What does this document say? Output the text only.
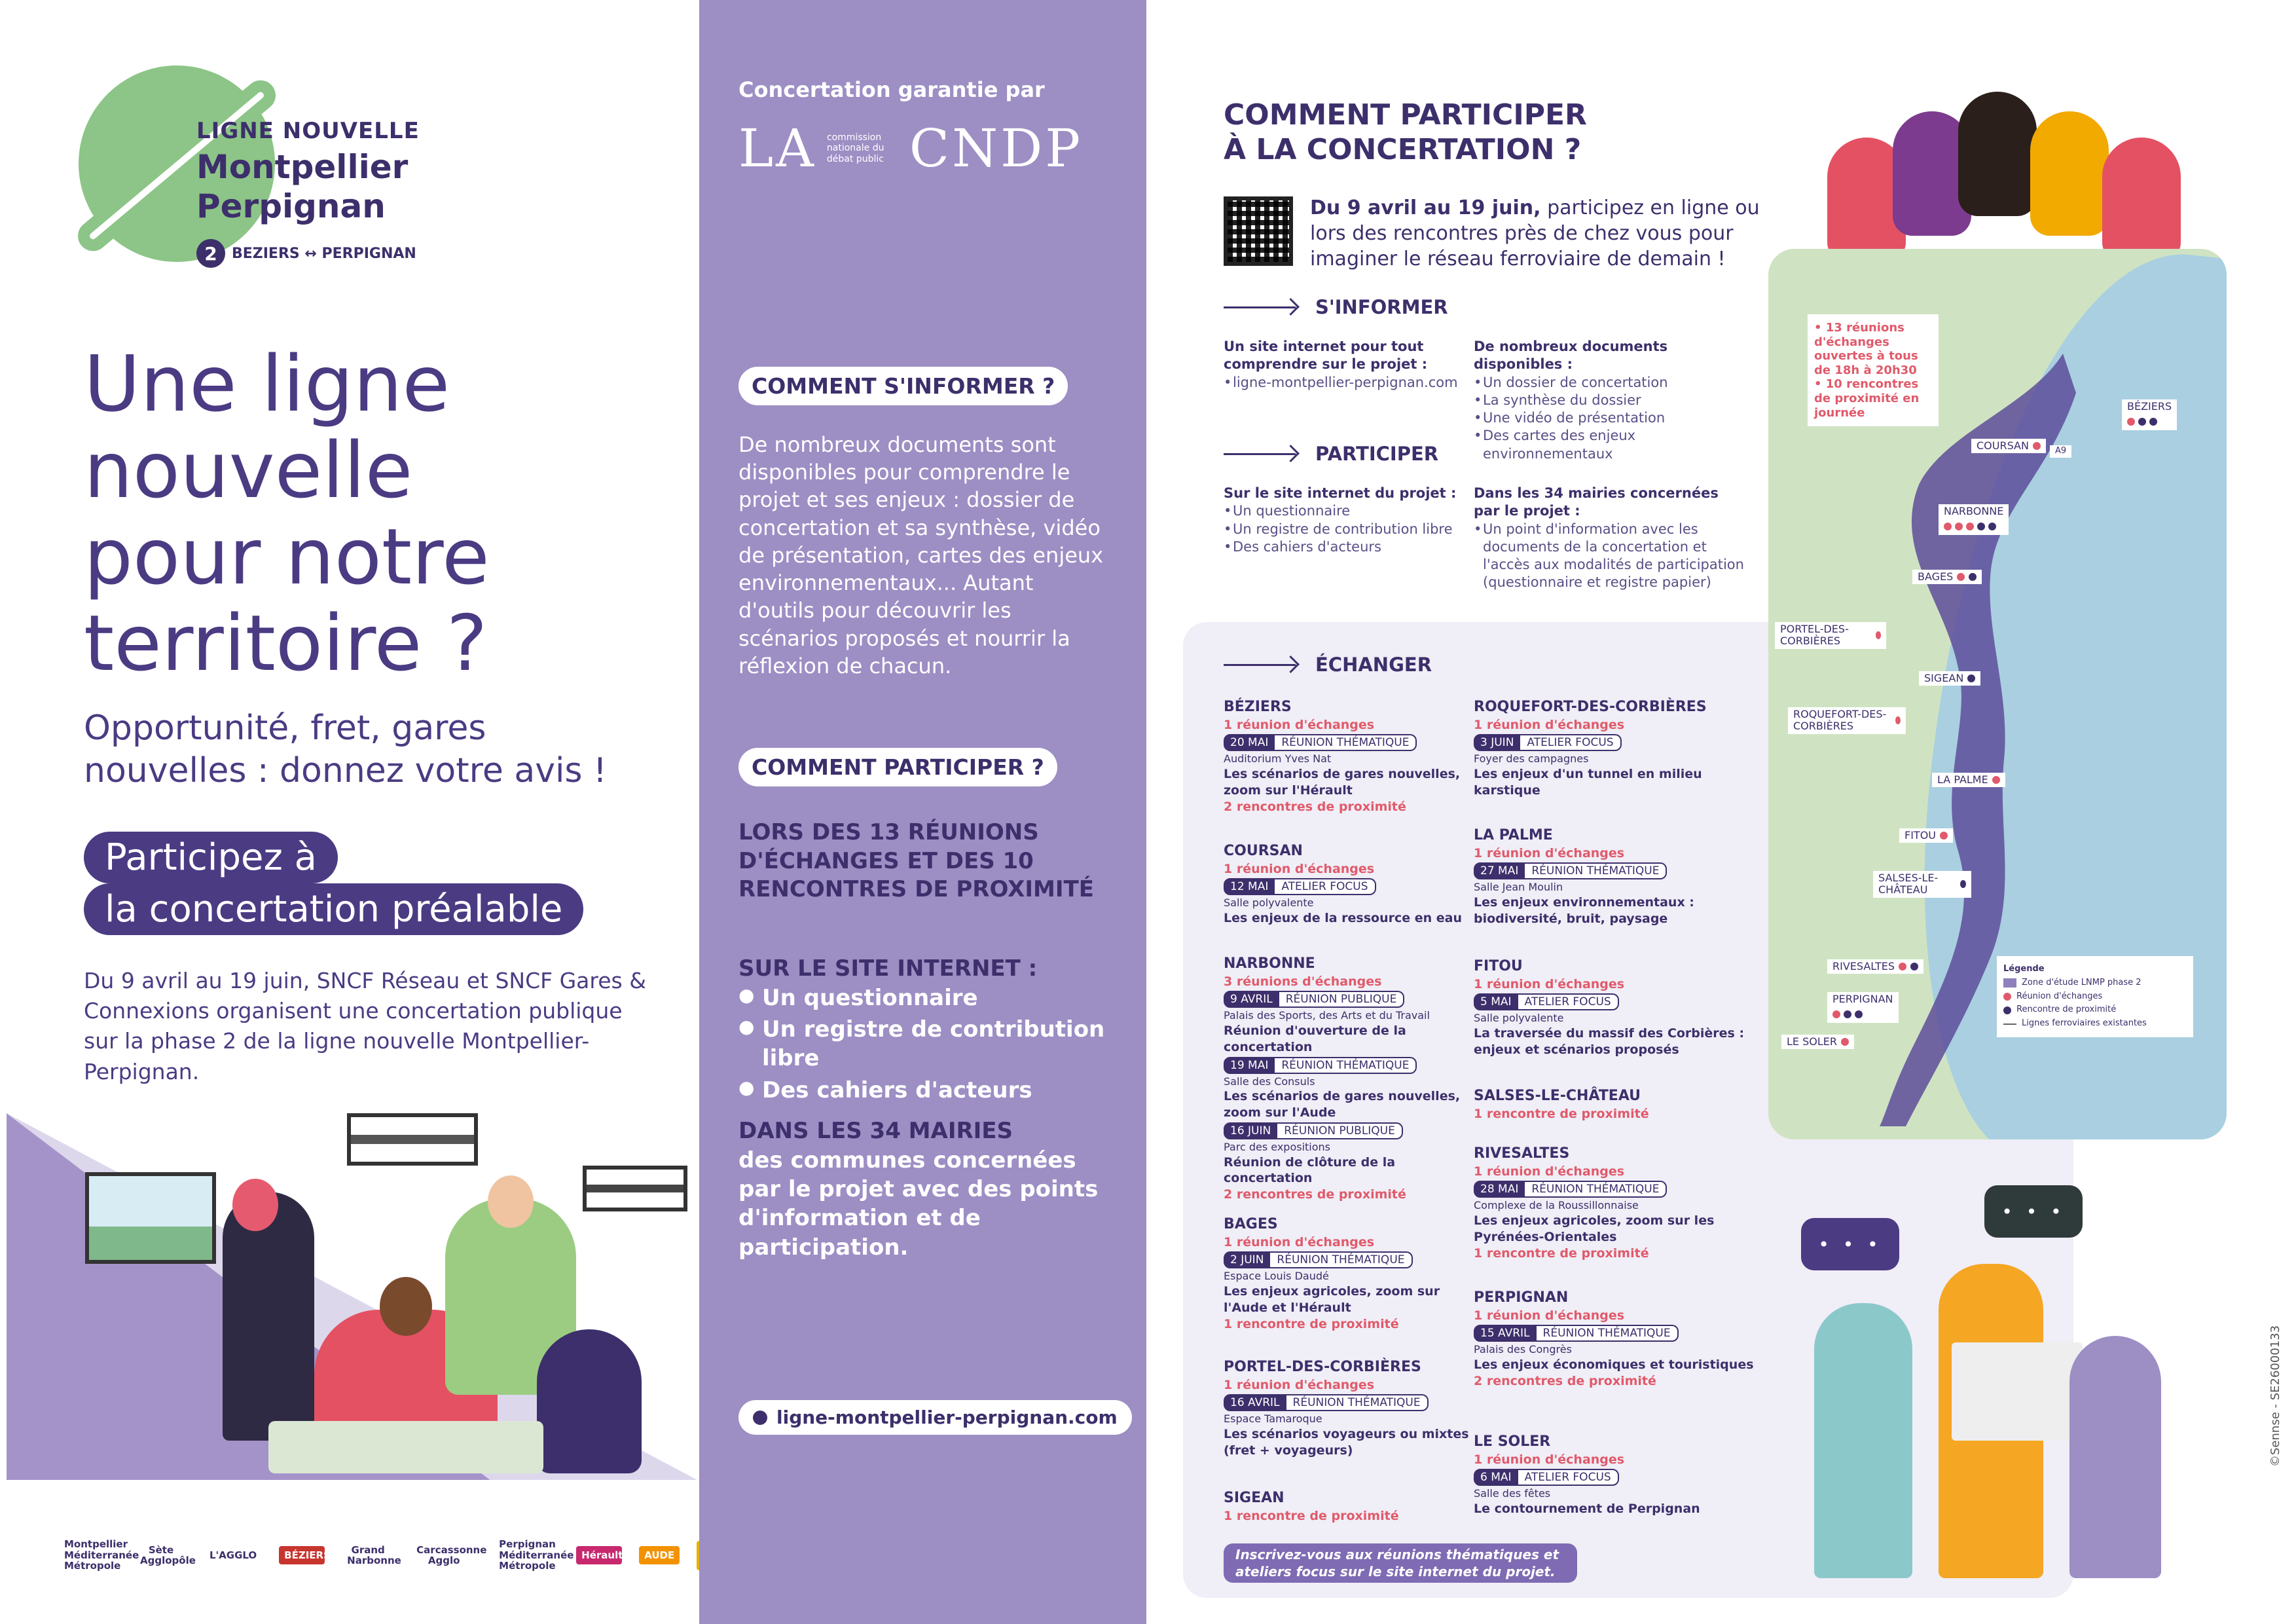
LIGNE NOUVELLE
Montpellier
Perpignan
2	BEZIERS ↔ PERPIGNAN
Une ligne nouvelle pour notre territoire ?

Opportunité, fret, gares nouvelles : donnez votre avis !

Participez à
la concertation préalable

Du 9 avril au 19 juin, SNCF Réseau et SNCF Gares & Connexions organisent une concertation publique sur la phase 2 de la ligne nouvelle Montpellier-Perpignan.

Montpellier Méditerranée Métropole
Sète Agglopôle	L'AGGLO	BÉZIERS	Grand Narbonne
Carcassonne Agglo
Perpignan Méditerranée Métropole
Hérault	AUDE
Concertation garantie par
LA commission nationale du débat public CNDP
COMMENT S'INFORMER ?

De nombreux documents sont disponibles pour comprendre le projet et ses enjeux : dossier de concertation et sa synthèse, vidéo de présentation, cartes des enjeux environnementaux... Autant d'outils pour découvrir les scénarios proposés et nourrir la réflexion de chacun.

COMMENT PARTICIPER ?
LORS DES 13 RÉUNIONS D'ÉCHANGES ET DES 10 RENCONTRES DE PROXIMITÉ
SUR LE SITE INTERNET :
● Un questionnaire
● Un registre de contribution libre
● Des cahiers d'acteurs
DANS LES 34 MAIRIES

des communes concernées par le projet avec des points d'information et de participation.

ligne-montpellier-perpignan.com
COMMENT PARTICIPER
À LA CONCERTATION ?

Du 9 avril au 19 juin, participez en ligne ou lors des rencontres près de chez vous pour imaginer le réseau ferroviaire de demain !

S'INFORMER
Un site internet pour tout comprendre sur le projet :
• ligne-montpellier-perpignan.com
De nombreux documents disponibles :
• Un dossier de concertation
• La synthèse du dossier
• Une vidéo de présentation
• Des cartes des enjeux environnementaux
PARTICIPER
Sur le site internet du projet :
• Un questionnaire
• Un registre de contribution libre
• Des cahiers d'acteurs
Dans les 34 mairies concernées par le projet :
• Un point d'information avec les documents de la concertation et l'accès aux modalités de participation (questionnaire et registre papier)
ÉCHANGER
BÉZIERS
1 réunion d'échanges
20 MAI	RÉUNION THÉMATIQUE
Auditorium Yves Nat
Les scénarios de gares nouvelles, zoom sur l'Hérault
2 rencontres de proximité
COURSAN
1 réunion d'échanges
12 MAI	ATELIER FOCUS
Salle polyvalente
Les enjeux de la ressource en eau
NARBONNE
3 réunions d'échanges
9 AVRIL	RÉUNION PUBLIQUE
Palais des Sports, des Arts et du Travail
Réunion d'ouverture de la concertation
19 MAI	RÉUNION THÉMATIQUE
Salle des Consuls
Les scénarios de gares nouvelles, zoom sur l'Aude
16 JUIN	RÉUNION PUBLIQUE
Parc des expositions
Réunion de clôture de la concertation
2 rencontres de proximité
BAGES
1 réunion d'échanges
2 JUIN	RÉUNION THÉMATIQUE
Espace Louis Daudé
Les enjeux agricoles, zoom sur l'Aude et l'Hérault
1 rencontre de proximité
PORTEL-DES-CORBIÈRES
1 réunion d'échanges
16 AVRIL	RÉUNION THÉMATIQUE
Espace Tamaroque
Les scénarios voyageurs ou mixtes (fret + voyageurs)
SIGEAN
1 rencontre de proximité
ROQUEFORT-DES-CORBIÈRES
1 réunion d'échanges
3 JUIN	ATELIER FOCUS
Foyer des campagnes
Les enjeux d'un tunnel en milieu karstique
LA PALME
1 réunion d'échanges
27 MAI	RÉUNION THÉMATIQUE
Salle Jean Moulin
Les enjeux environnementaux : biodiversité, bruit, paysage
FITOU
1 réunion d'échanges
5 MAI	ATELIER FOCUS
Salle polyvalente
La traversée du massif des Corbières : enjeux et scénarios proposés
SALSES-LE-CHÂTEAU
1 rencontre de proximité
RIVESALTES
1 réunion d'échanges
28 MAI	RÉUNION THÉMATIQUE
Complexe de la Roussillonnaise
Les enjeux agricoles, zoom sur les Pyrénées-Orientales
1 rencontre de proximité
PERPIGNAN
1 réunion d'échanges
15 AVRIL	RÉUNION THÉMATIQUE
Palais des Congrès
Les enjeux économiques et touristiques
2 rencontres de proximité
LE SOLER
1 réunion d'échanges
6 MAI	ATELIER FOCUS
Salle des fêtes
Le contournement de Perpignan
Inscrivez-vous aux réunions thématiques et ateliers focus sur le site internet du projet.
• 13 réunions d'échanges ouvertes à tous de 18h à 20h30
• 10 rencontres de proximité en journée	BÉZIERS

COURSAN	A9
NARBONNE

BAGES
PORTEL-DES-CORBIÈRES
SIGEAN
ROQUEFORT-DES-CORBIÈRES
LA PALME
FITOU
SALSES-LE-CHÂTEAU
RIVESALTES
PERPIGNAN

LE SOLER
Légende
Zone d'étude LNMP phase 2
Réunion d'échanges
Rencontre de proximité
Lignes ferroviaires existantes
• • •
• • •
©Sennse - SE26000133
